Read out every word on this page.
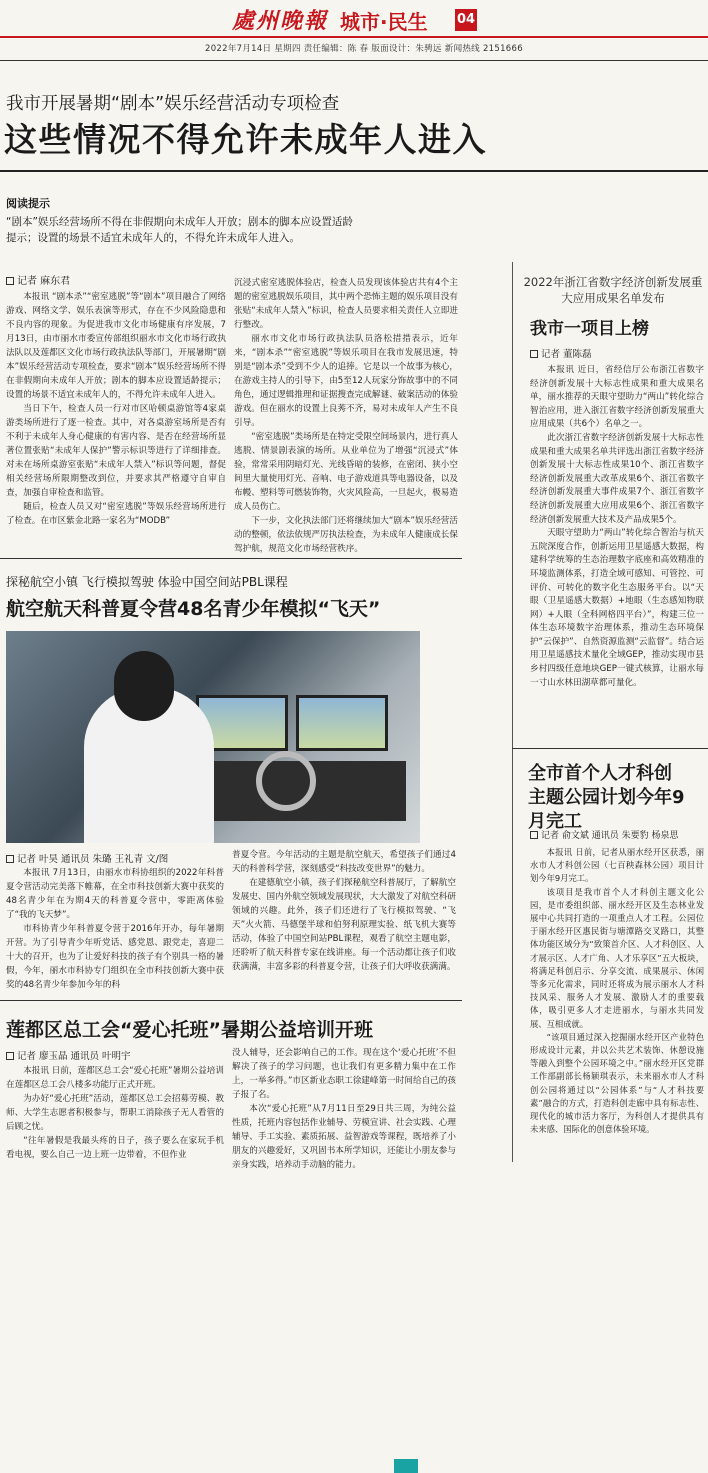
處州晚報 城市·民生 04
2022年7月14日 星期四 责任编辑：陈 春 版面设计：朱骋远 新闻热线 2151666
我市开展暑期“剧本”娱乐经营活动专项检查
这些情况不得允许未成年人进入
阅读提示
“剧本”娱乐经营场所不得在非假期向未成年人开放；剧本的脚本应设置适龄提示；设置的场景不适宜未成年人的，不得允许未成年人进入。
记者 麻东君

本报讯 “剧本杀”“密室逃脱”等“剧本”项目融合了网络游戏、网络文学、娱乐表演等形式，存在不少风险隐患和不良内容的现象。为促进我市文化市场健康有序发展，7月13日，由市丽水市委宣传部组织丽水市文化市场行政执法队以及莲都区文化市场行政执法队等部门，开展暑期“剧本”娱乐经营活动专项检查，要求“剧本”娱乐经营场所不得在非假期向未成年人开放；剧本的脚本应设置适龄提示；设置的场景不适宜未成年人的，不得允许未成年人进入。

当日下午，检查人员一行对市区哈顿桌游馆等4家桌游类场所进行了逐一检查。其中，对各桌游室场所是否有不利于未成年人身心健康的有害内容、是否在经营场所显著位置张贴“未成年人保护”警示标识等进行了详细排查。对未在场所桌游室张贴“未成年人禁入”标识等问题，督促相关经营场所限期整改到位，并要求其严格遵守自审自查，加强自审检查和监管。

随后，检查人员又对“密室逃脱”等娱乐经营场所进行了检查。在市区紫金北路一家名为“MODB”

沉浸式密室逃脱体验店，检查人员发现该体验店共有4个主题的密室逃脱娱乐项目，其中两个恐怖主题的娱乐项目没有张贴“未成年人禁入”标识，检查人员要求相关责任人立即进行整改。

丽水市文化市场行政执法队员洛松措措表示，近年来，“剧本杀”“密室逃脱”等娱乐项目在我市发展迅速，特别是“剧本杀”受到不少人的追捧。它是以一个故事为核心，在游戏主持人的引导下，由5至12人玩家分饰故事中的不同角色，通过逻辑推理和证据搜查完成解谜、破案活动的体验游戏。但在丽水的设置上良莠不齐，易对未成年人产生不良引导。

“密室逃脱”类场所是在特定受限空间场景内，进行真人逃脱、情景剧表演的场所。从业单位为了增强“沉浸式”体验，常常采用阴暗灯光、光线昏暗的装修，在密闭、狭小空间里大量使用灯光、音响、电子游戏道具等电器设备，以及布幔、塑料等可燃装饰物，火灾风险高，一旦起火，极易造成人员伤亡。

下一步，文化执法部门还将继续加大“剧本”娱乐经营活动的整顿，依法依规严厉执法检查，为未成年人健康成长保驾护航，规范文化市场经营秩序。

探秘航空小镇 飞行模拟驾驶 体验中国空间站PBL课程
航空航天科普夏令营48名青少年模拟“飞天”
记者 叶昊 通讯员 朱璐 王礼青 文/图

本报讯 7月13日，由丽水市科协组织的2022年科普夏令营活动完美落下帷幕，在全市科技创新大赛中获奖的48名青少年在为期4天的科普夏令营中，零距离体验了“我的飞天梦”。

市科协青少年科普夏令营于2016年开办，每年暑期开营。为了引导青少年听党话、感党恩、跟党走，喜迎二十大的召开，也为了让爱好科技的孩子有个别具一格的暑假，今年，丽水市科协专门组织在全市科技创新大赛中获奖的48名青少年参加今年的科

普夏令营。今年活动的主题是航空航天，希望孩子们通过4天的科普科学营，深刻感受“科技改变世界”的魅力。

在建德航空小镇，孩子们探秘航空科普展厅，了解航空发展史、国内外航空领域发展现状，大大激发了对航空科研领域的兴趣。此外，孩子们还进行了飞行模拟驾驶、“飞天”火火箭、马德堡半球和伯努利原理实验、纸飞机大赛等活动，体验了中国空间站PBL课程，观看了航空主题电影，还聆听了航天科普专家在线讲座。每一个活动都让孩子们收获满满，丰富多彩的科普夏令营，让孩子们大呼收获满满。

莲都区总工会“爱心托班”暑期公益培训开班
记者 廖玉晶 通讯员 叶明宇

本报讯 日前，莲都区总工会“爱心托班”暑期公益培训在莲都区总工会八楼多功能厅正式开班。

为办好“爱心托班”活动，莲都区总工会招募劳模、教师、大学生志愿者积极参与，帮职工消除孩子无人看管的后顾之忧。

“往年暑假是我最头疼的日子，孩子要么在家玩手机看电视，要么自己一边上班一边带着，不但作业

没人辅导，还会影响自己的工作。现在这个‘爱心托班’不但解决了孩子的学习问题，也让我们有更多精力集中在工作上，一举多得。”市区新业态职工徐建峰第一时间给自己的孩子报了名。

本次“爱心托班”从7月11日至29日共三周，为纯公益性质，托班内容包括作业辅导、劳模宣讲、社会实践、心理辅导、手工实验、素质拓展、益智游戏等课程，既培养了小朋友的兴趣爱好，又巩固书本所学知识，还能让小朋友参与亲身实践，培养动手动脑的能力。

2022年浙江省数字经济创新发展重大应用成果名单发布
我市一项目上榜
记者 董陈磊

本报讯 近日，省经信厅公布浙江省数字经济创新发展十大标志性成果和重大成果名单，丽水推荐的天眼守望助力“两山”转化综合智治应用，进入浙江省数字经济创新发展重大应用成果（共6个）名单之一。

此次浙江省数字经济创新发展十大标志性成果和重大成果名单共评选出浙江省数字经济创新发展十大标志性成果10个、浙江省数字经济创新发展重大改革成果6个、浙江省数字经济创新发展重大事件成果7个、浙江省数字经济创新发展重大应用成果6个、浙江省数字经济创新发展重大技术及产品成果5个。

天眼守望助力“两山”转化综合智治与杭天五院深度合作，创新运用卫星遥感大数据，构建科学统筹的生态治理数字底座和高效精准的环境监测体系，打造全域可感知、可管控、可评价、可转化的数字化生态服务平台。以“天眼（卫星遥感大数据）+地眼（生态感知物联网）+人眼（全科网格四平台）”，构建三位一体生态环境数字治理体系，推动生态环境保护“云保护”、自然资源监测“云监督”。结合运用卫星遥感技术量化全域GEP，推动实现市县乡村四级任意地块GEP一键式核算，让丽水每一寸山水林田湖草都可量化。

全市首个人才科创主题公园计划今年9月完工
记者 俞文斌 通讯员 朱要豹 杨泉思

本报讯 日前，记者从丽水经开区获悉，丽水市人才科创公园（七百秧森林公园）项目计划今年9月完工。

该项目是我市首个人才科创主题文化公园，是市委组织部、丽水经开区及生态林业发展中心共同打造的一项重点人才工程。公园位于丽水经开区惠民街与塘潭路交叉路口，其整体功能区域分为“致策首介区、人才科创区、人才展示区、人才广角、人才乐享区”五大板块，将满足科创启示、分享交流、成果展示、休闲等多元化需求，同时还将成为展示丽水人才科技风采、服务人才发展、激励人才的重要载体，吸引更多人才走进丽水，与丽水共同发展、互相成就。

“该项目通过深入挖掘丽水经开区产业特色形成设计元素，并以公共艺术装饰、休憩设施等融入到整个公园环境之中。”丽水经开区党群工作部副部长杨颖琪表示，未来丽水市人才科创公园将通过以“公园体系”与“人才科技要素”融合的方式，打造科创走廊中具有标志性、现代化的城市活力客厅，为科创人才提供具有未来感、国际化的创意体验环境。
